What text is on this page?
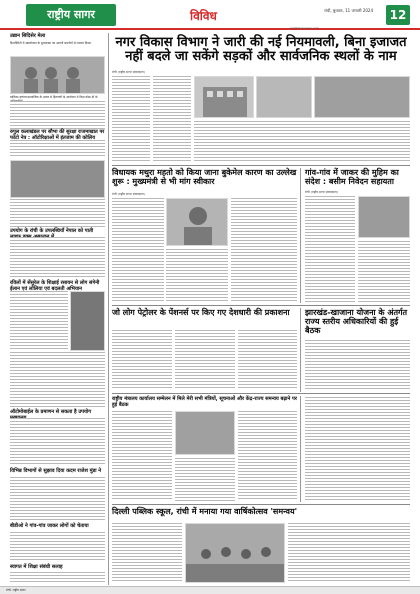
राष्ट्रीय सागर	विविध	रांची, बुधवार, 11 जनवरी 2024	12
rashtriyasagar.com
उद्यान सिदिसेर मेला
दिल्लीलिटी में उद्यानोत्सव के सुव्यवस्था का आपनी समर्पणों से राजस्व दिवस
बालिका-वृत्तांतर/सामाजिक के उत्सव से हितावती के आयोजन मे किस कोऊ डी के
रुपुल कलाखंडल पर सौभा की सुरक्षा राजमाखात पर फोटो नेत्र : ऑटोरिक्षाओं में इंतजाम की कोलिय
उपयोग के रांची के उपलब्धियाँ नेपाल को पाती
रविलों में सेंसुरेल के शिक्षाई रसायन से लोग संगेनी ईलान एवं लोलिया एवं बदलती अभियान
ऑटोमोबाईल के प्रमाणन से सकता है उपयोग
विभिन्न विभागों से सुझाव दिया कदम राजेश मुंडा ने
बीडीओ ने गांव-गांव जाकर लोगों को चेताया
स्वागत में शिक्षा संबंधी सलाह
नगर विकास विभाग ने जारी की नई नियमावली, बिना इजाजत नहीं बदले जा सकेंगे सड़कों और सार्वजनिक स्थलों के नाम
रांची (राष्ट्रीय सागर संवाददाता)
विधायक मथुरा महतो को किया जाना बुकेमेल कारण का उल्लेख शुरू : मुख्यमंत्री से भी मांग स्वीकार
रांची (राष्ट्रीय सागर संवाददाता)
गांव-गांव में जाकर की मुहिम का संदेश : बसीम निवेदन सहायता
रांची (राष्ट्रीय सागर संवाददाता)
जो लोग पेट्रोलर के पेंशनर्स पर किए गए देशधारी की प्रकाशना	झारखंड-खाजाना योजना के अंतर्गत राज्य स्तरीय अधिकारियों की हुई बैठक
राष्ट्रीय मंत्रालय कार्यालय सम्मेलन में मिले मेरी सभी मंत्रियों, सूचनाओं और केंद्र-राज्य समन्वय बढ़ाने पर हुई बैठक
दिल्ली पब्लिक स्कूल, रांची में मनाया गया वार्षिकोत्सव 'समन्वय'
रांची, राष्ट्रीय सागर
